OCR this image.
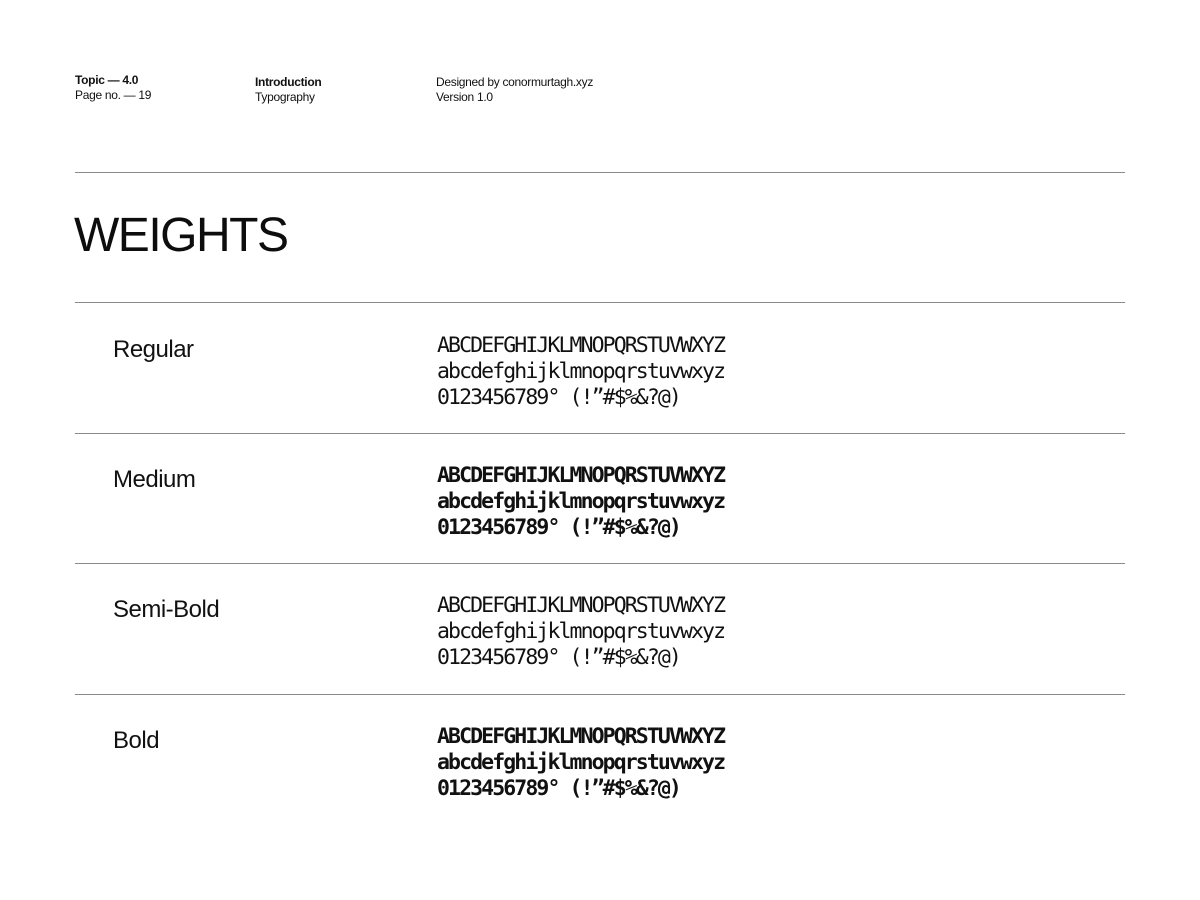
Topic — 4.0
Page no. — 19
Introduction
Typography
Designed by conormurtagh.xyz
Version 1.0
WEIGHTS
Regular	ABCDEFGHIJKLMNOPQRSTUVWXYZ
abcdefghijklmnopqrstuvwxyz
0123456789° (!”#$%&?@)
Medium	ABCDEFGHIJKLMNOPQRSTUVWXYZ
abcdefghijklmnopqrstuvwxyz
0123456789° (!”#$%&?@)
Semi-Bold	ABCDEFGHIJKLMNOPQRSTUVWXYZ
abcdefghijklmnopqrstuvwxyz
0123456789° (!”#$%&?@)
Bold	ABCDEFGHIJKLMNOPQRSTUVWXYZ
abcdefghijklmnopqrstuvwxyz
0123456789° (!”#$%&?@)
